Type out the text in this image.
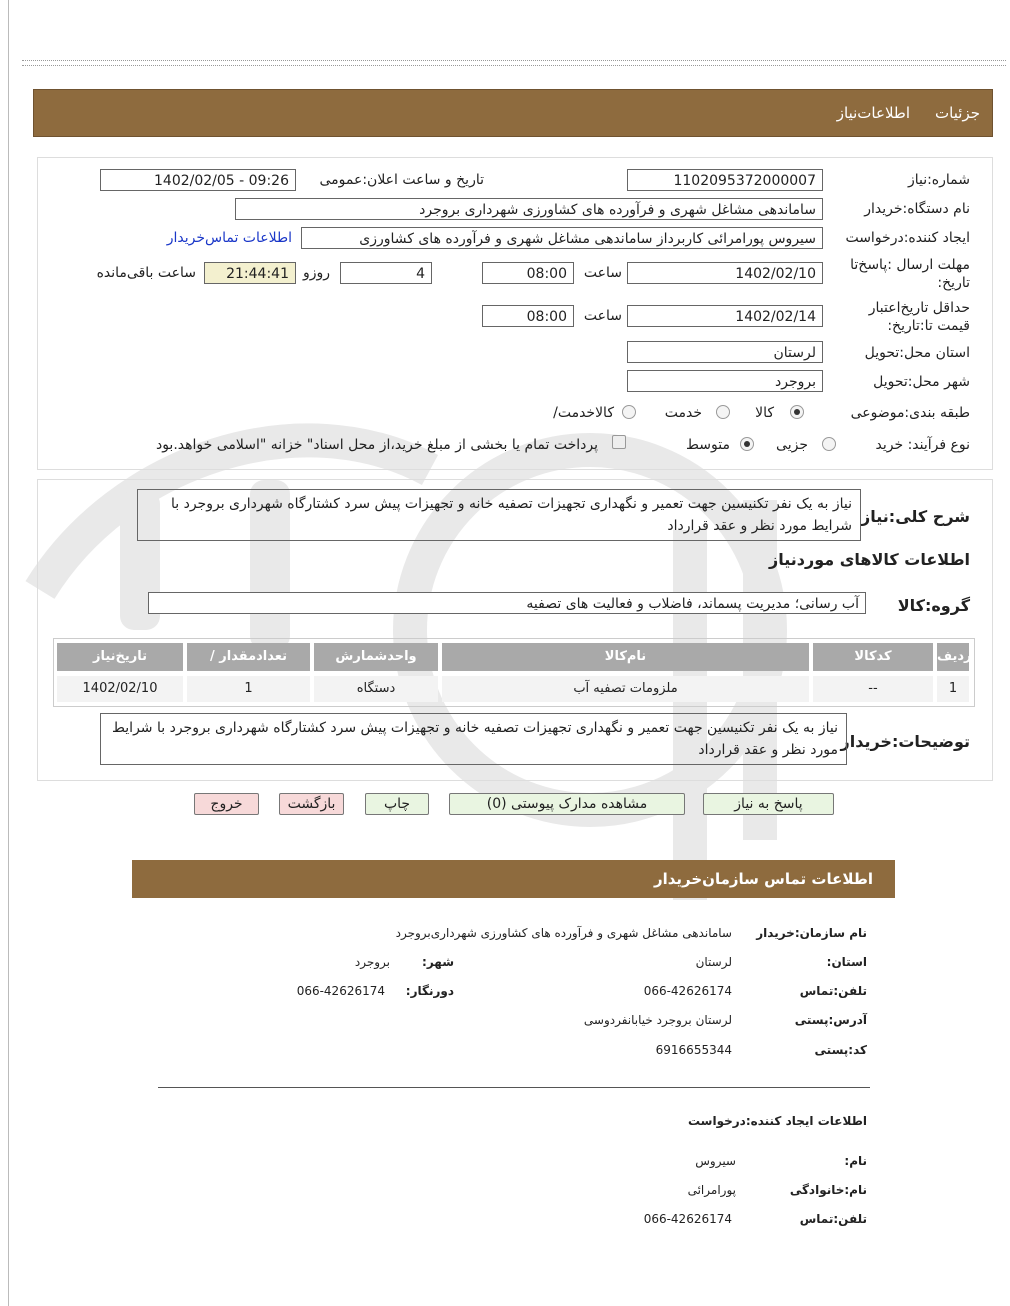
جزئیات
اطلاعات‌نیاز
شماره:نیاز
1102095372000007
تاریخ و ساعت اعلان:عمومی
1402/02/05 - 09:26
نام دستگاه:خریدار
ساماندهی مشاغل شهری و فرآورده های کشاورزی شهرداری بروجرد
ایجاد کننده:درخواست
سیروس پورامرائی کاربرداز ساماندهی مشاغل شهری و فرآورده های کشاورزی
اطلاعات تماس‌خریدار
مهلت ارسال :پاسخ‌تا
:تاریخ
1402/02/10
ساعت
08:00
4
روزو
21:44:41
ساعت باقی‌مانده
حداقل تاریخ‌اعتبار
:قیمت تا:تاریخ
1402/02/14
ساعت
08:00
استان محل:تحویل
لرستان
شهر محل:تحویل
بروجرد
طبقه بندی:موضوعی
کالا
خدمت
/کالاخدمت
نوع فرآیند: خرید
جزیی
متوسط
پرداخت تمام یا بخشی از مبلغ خرید،از محل اسناد" خزانه "اسلامی خواهد.بود
شرح کلی:نیاز
نیاز به یک نفر تکنیسین جهت تعمیر و نگهداری تجهیزات تصفیه خانه و تجهیزات پیش سرد کشتارگاه شهرداری بروجرد با شرایط مورد نظر و عقد قرارداد
اطلاعات کالاهای موردنیاز
گروه:کالا
آب رسانی؛ مدیریت پسماند، فاضلاب و فعالیت های تصفیه
ردیف
کدکالا
نام‌کالا
واحدشمارش
/ تعدادمقدار
تاریخ‌نیاز
1
--
ملزومات تصفیه آب
دستگاه
1
1402/02/10
توضیحات:خریدار
نیاز به یک نفر تکنیسین جهت تعمیر و نگهداری تجهیزات تصفیه خانه و تجهیزات پیش سرد کشتارگاه شهرداری بروجرد با شرایط مورد نظر و عقد قرارداد
پاسخ به نیاز
مشاهده مدارک پیوستی (0)
چاپ
بازگشت
خروج
اطلاعات تماس سازمان‌خریدار
نام سازمان:خریدار
ساماندهی مشاغل شهری و فرآورده های کشاورزی شهرداری‌بروجرد
:استان
لرستان
:شهر
بروجرد
تلفن:تماس
066-42626174
:دورنگار
066-42626174
آدرس:پستی
لرستان بروجرد خیابانفردوسی
کد:پستی
6916655344
اطلاعات ایجاد کننده:درخواست
:نام
سیروس
نام:خانوادگی
پورامرائی
تلفن:تماس
066-42626174
